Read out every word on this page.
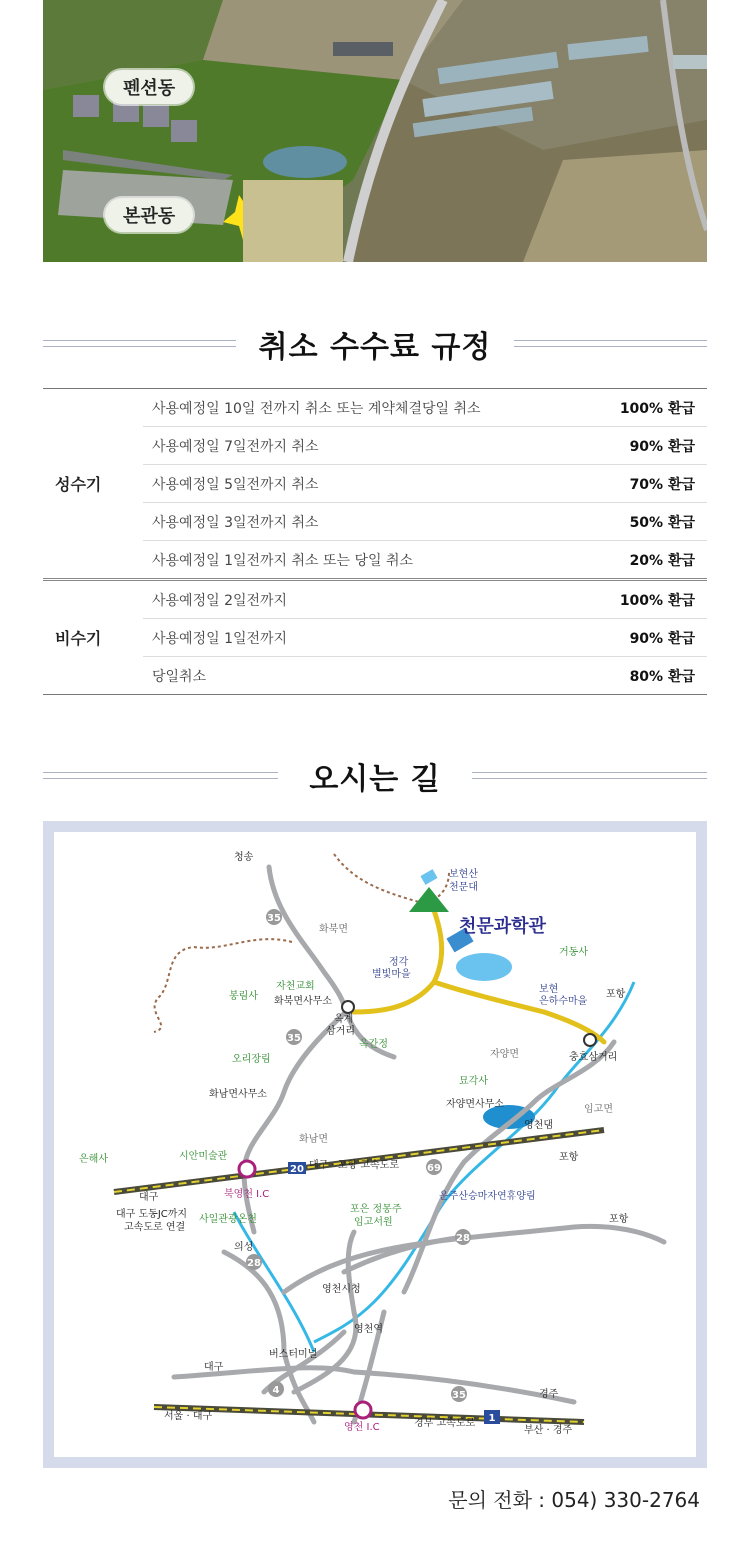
펜션동
본관동
취소 수수료 규정
성수기
사용예정일 10일 전까지 취소 또는 계약체결당일 취소	100% 환급
사용예정일 7일전까지 취소	90% 환급
사용예정일 5일전까지 취소	70% 환급
사용예정일 3일전까지 취소	50% 환급
사용예정일 1일전까지 취소 또는 당일 취소	20% 환급
비수기
사용예정일 2일전까지	100% 환급
사용예정일 1일전까지	90% 환급
당일취소	80% 환급
오시는 길
35
35
69
20
28
28
4	35
1
청송
화북면
보현산
천문대
천문과학관
정각
별빛마을
거동사
보현
은하수마을
포항
자천교회
봉림사 화북면사무소
옥계
삼거리
옥간정
오리장림	충효삼거리
자양면
묘각사
화남면사무소
자양면사무소
영천댐
임고면
화남면
은해사	시안미술관
대구 · 포항 고속도로
포항
대구	북영천 I.C
대구 도동JC까지
고속도로 연결
사일관광온천
포은 정몽주
임고서원
운주산승마자연휴양림
포항
의성
영천시청
영천역
버스터미널
대구
경주
서울 · 대구
영천 I.C	경부 고속도로
부산 · 경주
문의 전화 : 054) 330-2764
